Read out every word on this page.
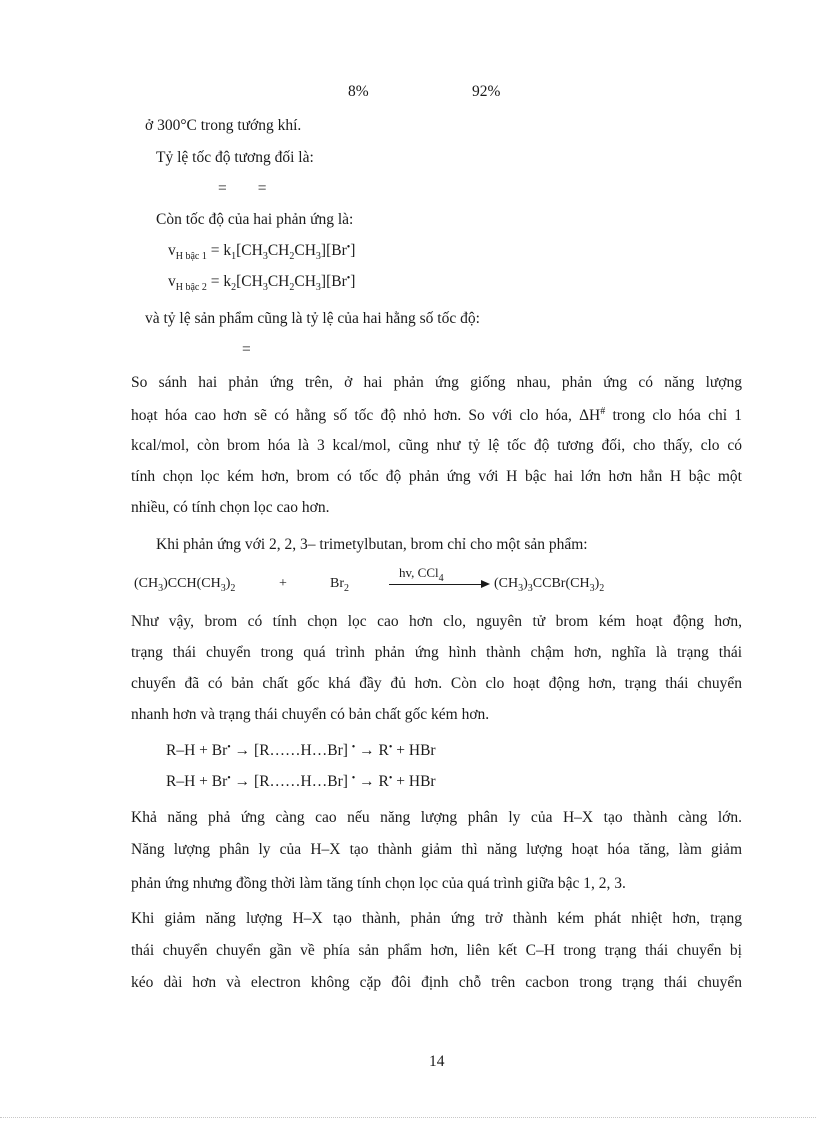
8%	92%
ở 300°C trong tướng khí.
Tỷ lệ tốc độ tương đối là:
=        =
Còn tốc độ của hai phản ứng là:
$v_{H bậc 1} = k_1[CH_3CH_2CH_3][Br^•]$
$v_{H bậc 2} = k_2[CH_3CH_2CH_3][Br^•]$
và tỷ lệ sản phẩm cũng là tỷ lệ của hai hằng số tốc độ:
=
So sánh hai phản ứng trên, ở hai phản ứng giống nhau, phản ứng có năng lượng
hoạt hóa cao hơn sẽ có hằng số tốc độ nhỏ hơn. So với clo hóa, ΔH# trong clo hóa chỉ 1
kcal/mol, còn brom hóa là 3 kcal/mol, cũng như tỷ lệ tốc độ tương đối, cho thấy, clo có
tính chọn lọc kém hơn, brom có tốc độ phản ứng với H bậc hai lớn hơn hẳn H bậc một
nhiều, có tính chọn lọc cao hơn.
Khi phản ứng với 2, 2, 3– trimetylbutan, brom chỉ cho một sản phẩm:
$(CH_3)CCH(CH_3)_2$	+	$Br_2$
hv, CCl$_4$	$(CH_3)_3CCBr(CH_3)_2$
Như vậy, brom có tính chọn lọc cao hơn clo, nguyên tử brom kém hoạt động hơn,
trạng thái chuyển trong quá trình phản ứng hình thành chậm hơn, nghĩa là trạng thái
chuyển đã có bản chất gốc khá đầy đủ hơn. Còn clo hoạt động hơn, trạng thái chuyển
nhanh hơn và trạng thái chuyển có bản chất gốc kém hơn.
R–H + Br• → [R……H…Br] • → R• + HBr
R–H + Br• → [R……H…Br] • → R• + HBr
Khả năng phả ứng càng cao nếu năng lượng phân ly của H–X tạo thành càng lớn.
Năng lượng phân ly của H–X tạo thành giảm thì năng lượng hoạt hóa tăng, làm giảm
phản ứng nhưng đồng thời làm tăng tính chọn lọc của quá trình giữa bậc 1, 2, 3.
Khi giảm năng lượng H–X tạo thành, phản ứng trở thành kém phát nhiệt hơn, trạng
thái chuyển chuyển gần về phía sản phẩm hơn, liên kết C–H trong trạng thái chuyển bị
kéo dài hơn và electron không cặp đôi định chỗ trên cacbon trong trạng thái chuyển
14
